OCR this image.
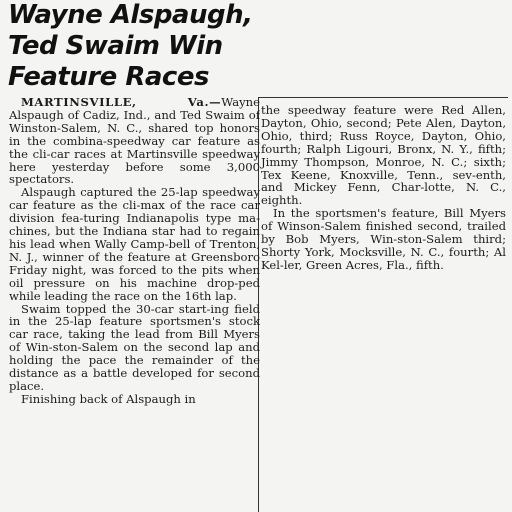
Wayne Alspaugh,
Ted Swaim Win
Feature Races

MARTINSVILLE, Va.—Wayne Alspaugh of Cadiz, Ind., and Ted Swaim of Winston-Salem, N. C., shared top honors in the combina-speedway car feature as the cli-car races at Martinsville speedway here yesterday before some 3,000 spectators.

Alspaugh captured the 25-lap speedway car feature as the cli-max of the race car division fea-turing Indianapolis type ma-chines, but the Indiana star had to regain his lead when Wally Camp-bell of Trenton, N. J., winner of the feature at Greensboro Friday night, was forced to the pits when oil pressure on his machine drop-ped while leading the race on the 16th lap.

Swaim topped the 30-car start-ing field in the 25-lap feature sportsmen's stock car race, taking the lead from Bill Myers of Win-ston-Salem on the second lap and holding the pace the remainder of the distance as a battle developed for second place.

Finishing back of Alspaugh in

the speedway feature were Red Allen, Dayton, Ohio, second; Pete Alen, Dayton, Ohio, third; Russ Royce, Dayton, Ohio, fourth; Ralph Ligouri, Bronx, N. Y., fifth; Jimmy Thompson, Monroe, N. C.; sixth; Tex Keene, Knoxville, Tenn., sev-enth, and Mickey Fenn, Char-lotte, N. C., eighth.

In the sportsmen's feature, Bill Myers of Winson-Salem finished second, trailed by Bob Myers, Win-ston-Salem third; Shorty York, Mocksville, N. C., fourth; Al Kel-ler, Green Acres, Fla., fifth.
